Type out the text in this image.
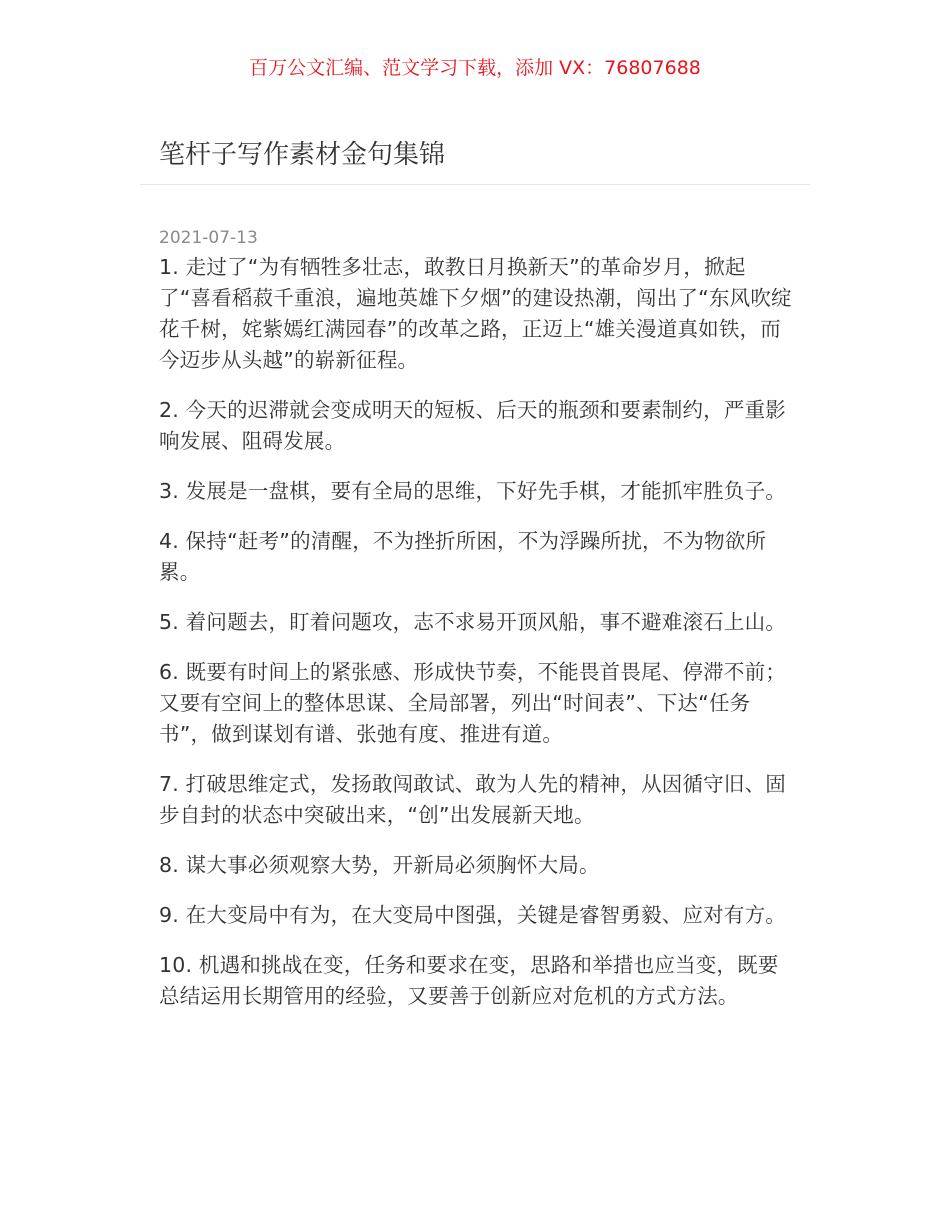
百万公文汇编、范文学习下载，添加 VX：76807688
笔杆子写作素材金句集锦
2021-07-13

1. 走过了“为有牺牲多壮志，敢教日月换新天”的革命岁月，掀起了“喜看稻菽千重浪，遍地英雄下夕烟”的建设热潮，闯出了“东风吹绽花千树，姹紫嫣红满园春”的改革之路，正迈上“雄关漫道真如铁，而今迈步从头越”的崭新征程。

2. 今天的迟滞就会变成明天的短板、后天的瓶颈和要素制约，严重影响发展、阻碍发展。

3. 发展是一盘棋，要有全局的思维，下好先手棋，才能抓牢胜负子。

4. 保持“赶考”的清醒，不为挫折所困，不为浮躁所扰，不为物欲所累。

5. 着问题去，盯着问题攻，志不求易开顶风船，事不避难滚石上山。

6. 既要有时间上的紧张感、形成快节奏，不能畏首畏尾、停滞不前；又要有空间上的整体思谋、全局部署，列出“时间表”、下达“任务书”，做到谋划有谱、张弛有度、推进有道。

7. 打破思维定式，发扬敢闯敢试、敢为人先的精神，从因循守旧、固步自封的状态中突破出来，“创”出发展新天地。

8. 谋大事必须观察大势，开新局必须胸怀大局。

9. 在大变局中有为，在大变局中图强，关键是睿智勇毅、应对有方。

10. 机遇和挑战在变，任务和要求在变，思路和举措也应当变，既要总结运用长期管用的经验，又要善于创新应对危机的方式方法。
